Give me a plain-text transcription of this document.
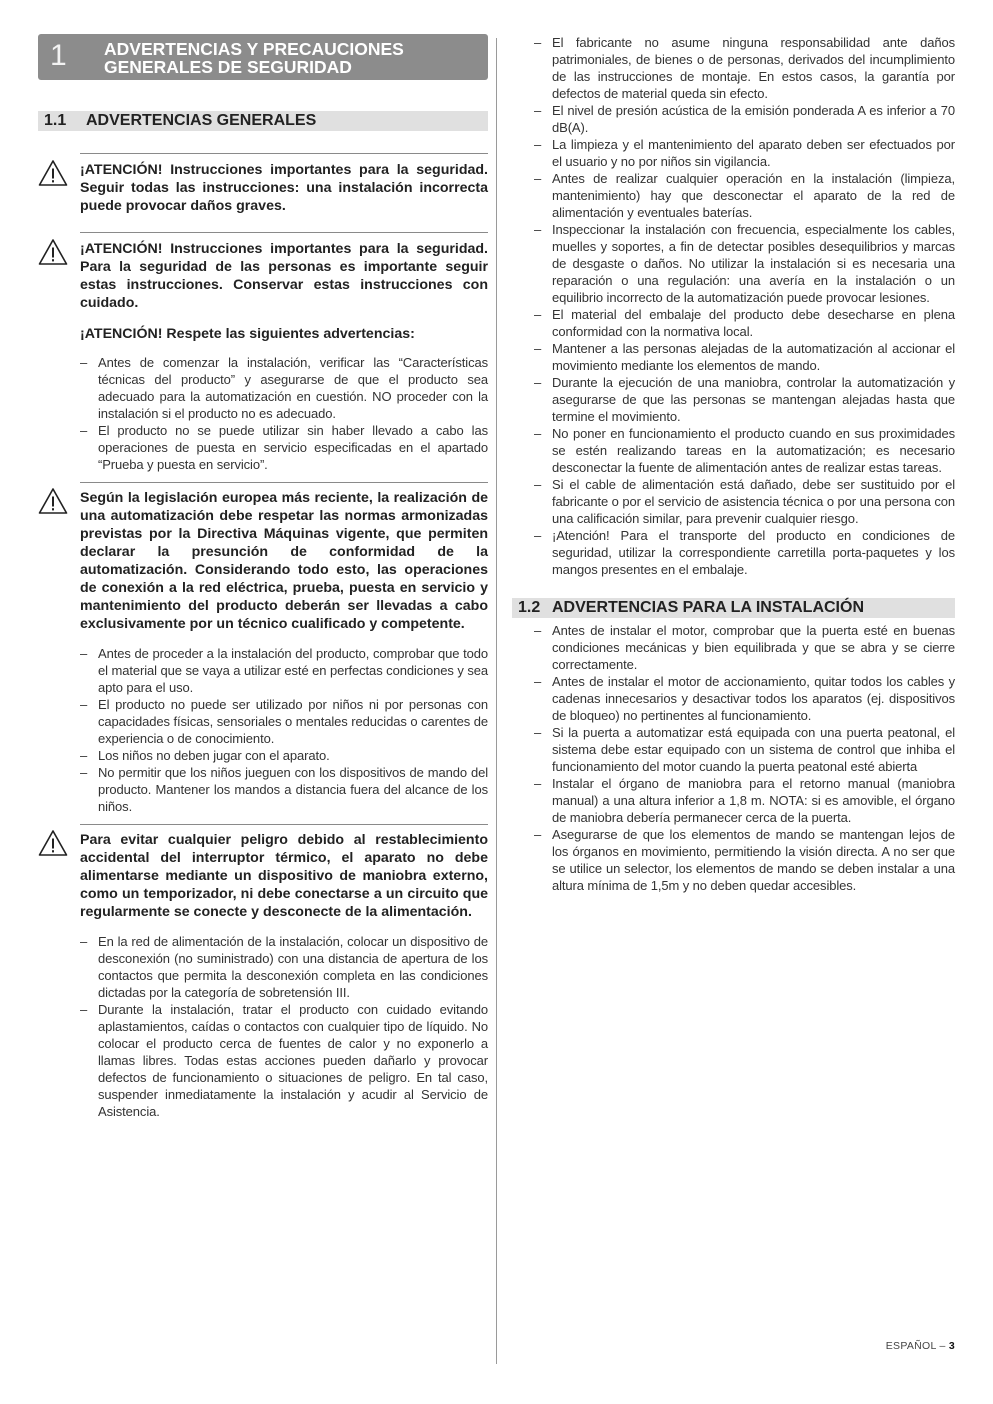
1 ADVERTENCIAS Y PRECAUCIONES
GENERALES DE SEGURIDAD
1.1 ADVERTENCIAS GENERALES

¡ATENCIÓN! Instrucciones importantes para la seguridad. Seguir todas las instrucciones: una instalación incorrecta puede provocar daños graves.

¡ATENCIÓN! Instrucciones importantes para la seguridad. Para la seguridad de las personas es importante seguir estas instrucciones. Conservar estas instrucciones con cuidado.

¡ATENCIÓN! Respete las siguientes advertencias:

– Antes de comenzar la instalación, verificar las “Características técnicas del producto” y asegurarse de que el producto sea adecuado para la automatización en cuestión. NO proceder con la instalación si el producto no es adecuado.
– El producto no se puede utilizar sin haber llevado a cabo las operaciones de puesta en servicio especificadas en el apartado “Prueba y puesta en servicio”.

Según la legislación europea más reciente, la realización de una automatización debe respetar las normas armonizadas previstas por la Directiva Máquinas vigente, que permiten declarar la presunción de conformidad de la automatización. Considerando todo esto, las operaciones de conexión a la red eléctrica, prueba, puesta en servicio y mantenimiento del producto deberán ser llevadas a cabo exclusivamente por un técnico cualificado y competente.

– Antes de proceder a la instalación del producto, comprobar que todo el material que se vaya a utilizar esté en perfectas condiciones y sea apto para el uso.
– El producto no puede ser utilizado por niños ni por personas con capacidades físicas, sensoriales o mentales reducidas o carentes de experiencia o de conocimiento.
– Los niños no deben jugar con el aparato.
– No permitir que los niños jueguen con los dispositivos de mando del producto. Mantener los mandos a distancia fuera del alcance de los niños.

Para evitar cualquier peligro debido al restablecimiento accidental del interruptor térmico, el aparato no debe alimentarse mediante un dispositivo de maniobra externo, como un temporizador, ni debe conectarse a un circuito que regularmente se conecte y desconecte de la alimentación.

– En la red de alimentación de la instalación, colocar un dispositivo de desconexión (no suministrado) con una distancia de apertura de los contactos que permita la desconexión completa en las condiciones dictadas por la categoría de sobretensión III.
– Durante la instalación, tratar el producto con cuidado evitando aplastamientos, caídas o contactos con cualquier tipo de líquido. No colocar el producto cerca de fuentes de calor y no exponerlo a llamas libres. Todas estas acciones pueden dañarlo y provocar defectos de funcionamiento o situaciones de peligro. En tal caso, suspender inmediatamente la instalación y acudir al Servicio de Asistencia.
– El fabricante no asume ninguna responsabilidad ante daños patrimoniales, de bienes o de personas, derivados del incumplimiento de las instrucciones de montaje. En estos casos, la garantía por defectos de material queda sin efecto.
– El nivel de presión acústica de la emisión ponderada A es inferior a 70 dB(A).
– La limpieza y el mantenimiento del aparato deben ser efectuados por el usuario y no por niños sin vigilancia.
– Antes de realizar cualquier operación en la instalación (limpieza, mantenimiento) hay que desconectar el aparato de la red de alimentación y eventuales baterías.
– Inspeccionar la instalación con frecuencia, especialmente los cables, muelles y soportes, a fin de detectar posibles desequilibrios y marcas de desgaste o daños. No utilizar la instalación si es necesaria una reparación o una regulación: una avería en la instalación o un equilibrio incorrecto de la automatización puede provocar lesiones.
– El material del embalaje del producto debe desecharse en plena conformidad con la normativa local.
– Mantener a las personas alejadas de la automatización al accionar el movimiento mediante los elementos de mando.
– Durante la ejecución de una maniobra, controlar la automatización y asegurarse de que las personas se mantengan alejadas hasta que termine el movimiento.
– No poner en funcionamiento el producto cuando en sus proximidades se estén realizando tareas en la automatización; es necesario desconectar la fuente de alimentación antes de realizar estas tareas.
– Si el cable de alimentación está dañado, debe ser sustituido por el fabricante o por el servicio de asistencia técnica o por una persona con una calificación similar, para prevenir cualquier riesgo.
– ¡Atención! Para el transporte del producto en condiciones de seguridad, utilizar la correspondiente carretilla porta-paquetes y los mangos presentes en el embalaje.
1.2 ADVERTENCIAS PARA LA INSTALACIÓN
– Antes de instalar el motor, comprobar que la puerta esté en buenas condiciones mecánicas y bien equilibrada y que se abra y se cierre correctamente.
– Antes de instalar el motor de accionamiento, quitar todos los cables y cadenas innecesarios y desactivar todos los aparatos (ej. dispositivos de bloqueo) no pertinentes al funcionamiento.
– Si la puerta a automatizar está equipada con una puerta peatonal, el sistema debe estar equipado con un sistema de control que inhiba el funcionamiento del motor cuando la puerta peatonal esté abierta
– Instalar el órgano de maniobra para el retorno manual (maniobra manual) a una altura inferior a 1,8 m. NOTA: si es amovible, el órgano de maniobra debería permanecer cerca de la puerta.
– Asegurarse de que los elementos de mando se mantengan lejos de los órganos en movimiento, permitiendo la visión directa. A no ser que se utilice un selector, los elementos de mando se deben instalar a una altura mínima de 1,5m y no deben quedar accesibles.
ESPAÑOL – 3
